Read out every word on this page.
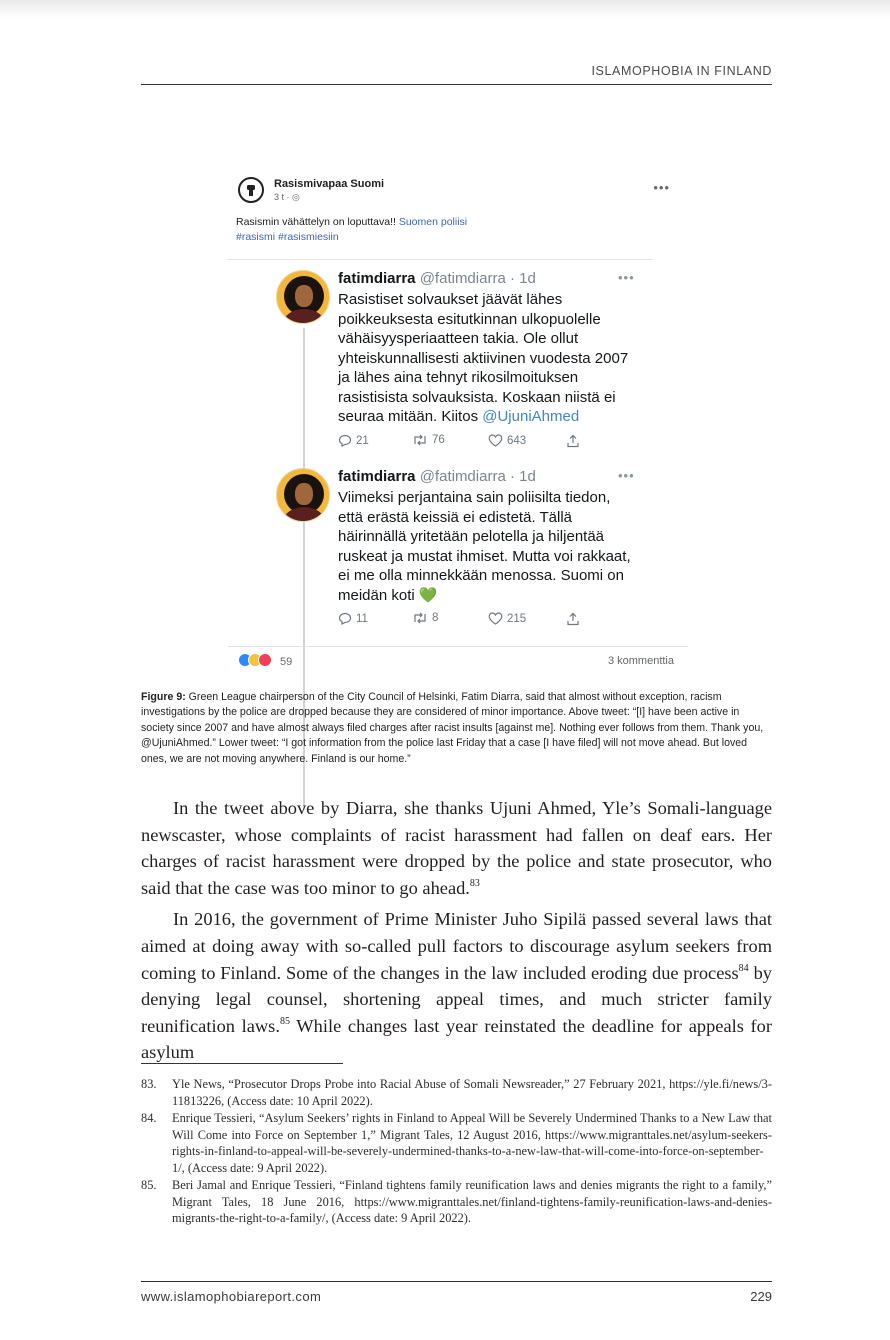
ISLAMOPHOBIA IN FINLAND
Rasismivapaa Suomi
3 t · ◎
•••
Rasismin vähättelyn on loputtava!! Suomen poliisi
#rasismi #rasismiesiin
fatimdiarra @fatimdiarra · 1d	•••
Rasistiset solvaukset jäävät lähes poikkeuksesta esitutkinnan ulkopuolelle vähäisyysperiaatteen takia. Ole ollut yhteiskunnallisesti aktiivinen vuodesta 2007 ja lähes aina tehnyt rikosilmoituksen rasistisista solvauksista. Koskaan niistä ei seuraa mitään. Kiitos @UjuniAhmed
21	76	643
fatimdiarra @fatimdiarra · 1d	•••
Viimeksi perjantaina sain poliisilta tiedon, että erästä keissiä ei edistetä. Tällä häirinnällä yritetään pelotella ja hiljentää ruskeat ja mustat ihmiset. Mutta voi rakkaat, ei me olla minnekkään menossa. Suomi on meidän koti 💚
11	8	215
59	3 kommenttia
Figure 9: Green League chairperson of the City Council of Helsinki, Fatim Diarra, said that almost without exception, racism investigations by the police are dropped because they are considered of minor importance. Above tweet: “[I] have been active in society since 2007 and have almost always filed charges after racist insults [against me]. Nothing ever follows from them. Thank you, @UjuniAhmed.” Lower tweet: “I got information from the police last Friday that a case [I have filed] will not move ahead. But loved ones, we are not moving anywhere. Finland is our home.”

In the tweet above by Diarra, she thanks Ujuni Ahmed, Yle’s Somali-language newscaster, whose complaints of racist harassment had fallen on deaf ears. Her charges of racist harassment were dropped by the police and state prosecutor, who said that the case was too minor to go ahead.$^{83}$

In 2016, the government of Prime Minister Juho Sipilä passed several laws that aimed at doing away with so-called pull factors to discourage asylum seekers from coming to Finland. Some of the changes in the law included eroding due process$^{84}$ by denying legal counsel, shortening appeal times, and much stricter family reunification laws.$^{85}$ While changes last year reinstated the deadline for appeals for asylum

83.	Yle News, “Prosecutor Drops Probe into Racial Abuse of Somali Newsreader,” 27 February 2021, https://yle.fi/news/3-11813226, (Access date: 10 April 2022).
84.	Enrique Tessieri, “Asylum Seekers’ rights in Finland to Appeal Will be Severely Undermined Thanks to a New Law that Will Come into Force on September 1,” Migrant Tales, 12 August 2016, https://www.migranttales.net/asylum-seekers-rights-in-finland-to-appeal-will-be-severely-undermined-thanks-to-a-new-law-that-will-come-into-force-on-september-1/, (Access date: 9 April 2022).
85.	Beri Jamal and Enrique Tessieri, “Finland tightens family reunification laws and denies migrants the right to a family,” Migrant Tales, 18 June 2016, https://www.migranttales.net/finland-tightens-family-reunification-laws-and-denies-migrants-the-right-to-a-family/, (Access date: 9 April 2022).
www.islamophobiareport.com	229
